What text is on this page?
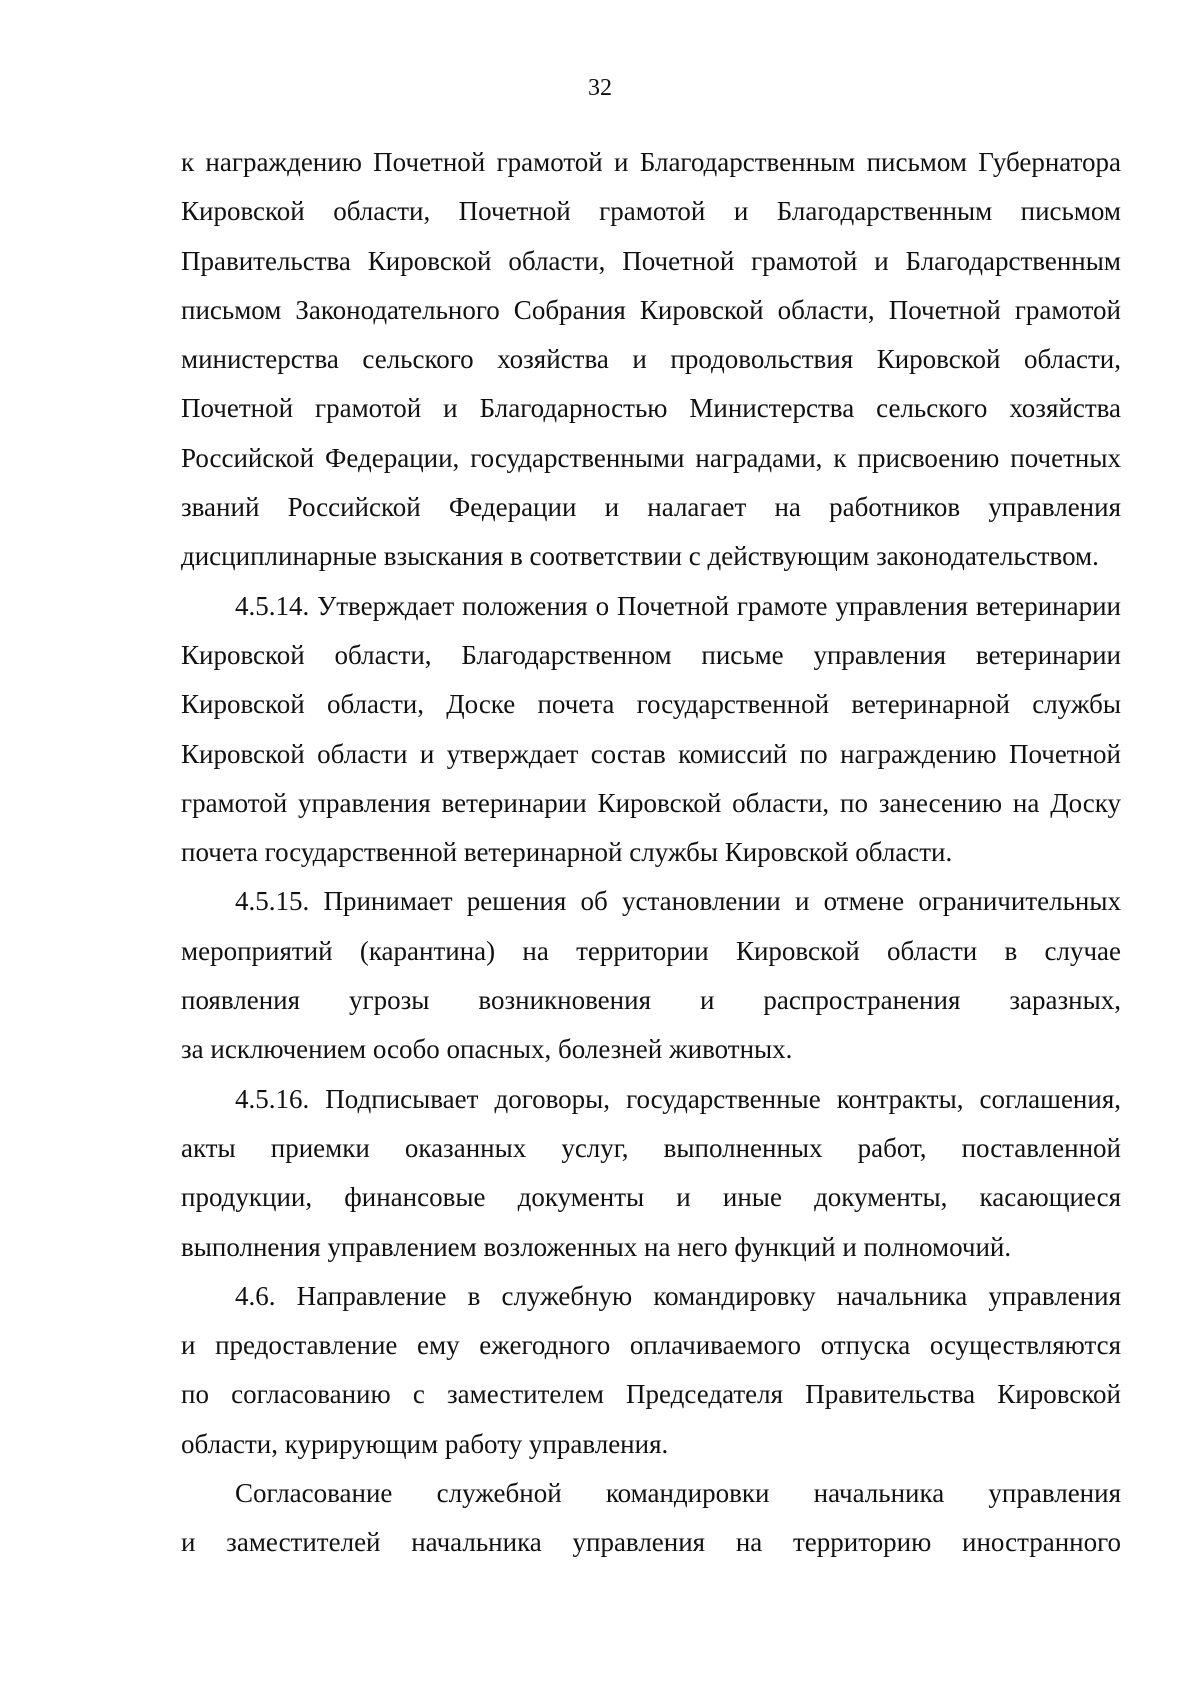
32

к награждению Почетной грамотой и Благодарственным письмом Губернатора

Кировской области, Почетной грамотой и Благодарственным письмом

Правительства Кировской области, Почетной грамотой и Благодарственным

письмом Законодательного Собрания Кировской области, Почетной грамотой

министерства сельского хозяйства и продовольствия Кировской области,

Почетной грамотой и Благодарностью Министерства сельского хозяйства

Российской Федерации, государственными наградами, к присвоению почетных

званий Российской Федерации и налагает на работников управления

дисциплинарные взыскания в соответствии с действующим законодательством.

4.5.14. Утверждает положения о Почетной грамоте управления ветеринарии

Кировской области, Благодарственном письме управления ветеринарии

Кировской области, Доске почета государственной ветеринарной службы

Кировской области и утверждает состав комиссий по награждению Почетной

грамотой управления ветеринарии Кировской области, по занесению на Доску

почета государственной ветеринарной службы Кировской области.

4.5.15. Принимает решения об установлении и отмене ограничительных

мероприятий (карантина) на территории Кировской области в случае

появления угрозы возникновения и распространения заразных,

за исключением особо опасных, болезней животных.

4.5.16. Подписывает договоры, государственные контракты, соглашения,

акты приемки оказанных услуг, выполненных работ, поставленной

продукции, финансовые документы и иные документы, касающиеся

выполнения управлением возложенных на него функций и полномочий.

4.6. Направление в служебную командировку начальника управления

и предоставление ему ежегодного оплачиваемого отпуска осуществляются

по согласованию с заместителем Председателя Правительства Кировской

области, курирующим работу управления.

Согласование служебной командировки начальника управления

и заместителей начальника управления на территорию иностранного
